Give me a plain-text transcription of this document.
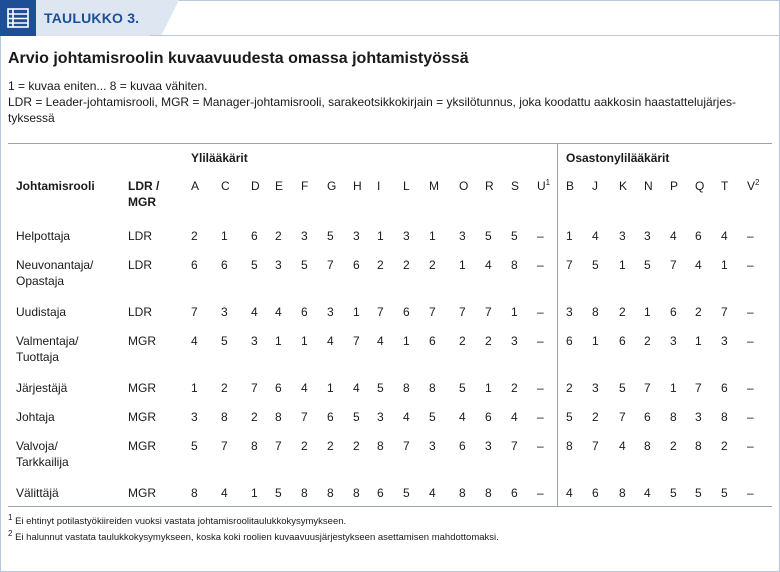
TAULUKKO 3.
Arvio johtamisroolin kuvaavuudesta omassa johtamistyössä
1 = kuvaa eniten... 8 = kuvaa vähiten.
LDR = Leader-johtamisrooli, MGR = Manager-johtamisrooli, sarakeotsikkokirjain = yksilötunnus, joka koodattu aakkosin haastattelujärjes-
tyksessä
Ylilääkärit	Osastonylilääkärit
Johtamisrooli	LDR /
MGR
A C D E F G H I L M O R S $U^1$ B J K N P Q T $V^2$
Helpottaja	LDR	2 1 6 2 3 5 3 1 3 1 3 5 5 – 1 4 3 3 4 6 4 –
Neuvonantaja/
Opastaja
LDR	6 6 5 3 5 7 6 2 2 2 1 4 8 – 7 5 1 5 7 4 1 –
Uudistaja	LDR	7 3 4 4 6 3 1 7 6 7 7 7 1 – 3 8 2 1 6 2 7 –
Valmentaja/
Tuottaja
MGR	4 5 3 1 1 4 7 4 1 6 2 2 3 – 6 1 6 2 3 1 3 –
Järjestäjä	MGR	1 2 7 6 4 1 4 5 8 8 5 1 2 – 2 3 5 7 1 7 6 –
Johtaja	MGR	3 8 2 8 7 6 5 3 4 5 4 6 4 – 5 2 7 6 8 3 8 –
Valvoja/
Tarkkailija
MGR	5 7 8 7 2 2 2 8 7 3 6 3 7 – 8 7 4 8 2 8 2 –
Välittäjä	MGR	8 4 1 5 8 8 8 6 5 4 8 8 6 – 4 6 8 4 5 5 5 –
$^1$ Ei ehtinyt potilastyökiireiden vuoksi vastata johtamisroolitaulukkokysymykseen.
$^2$ Ei halunnut vastata taulukkokysymykseen, koska koki roolien kuvaavuusjärjestykseen asettamisen mahdottomaksi.
